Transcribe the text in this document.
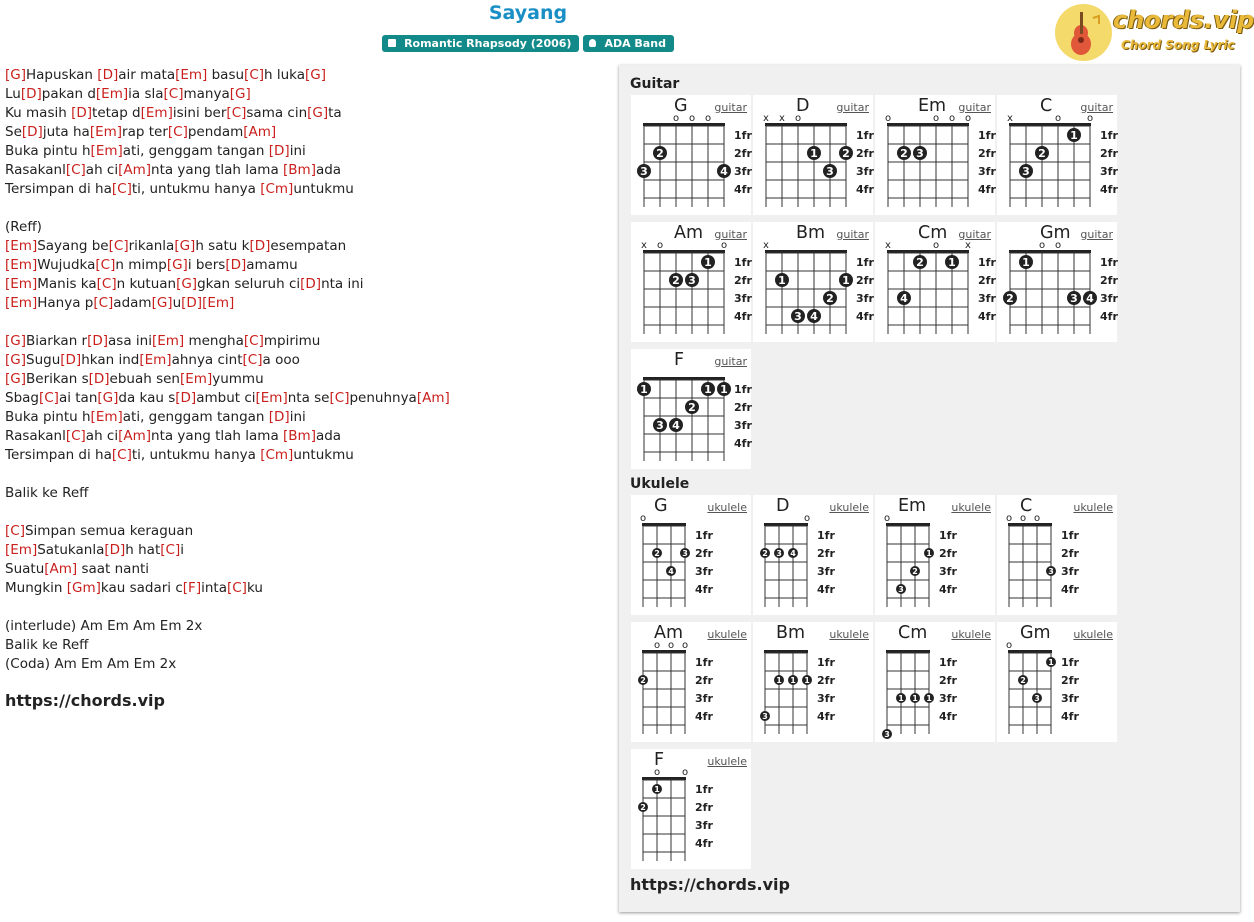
Sayang
Romantic Rhapsody (2006)	ADA Band
chords.vip
Chord Song Lyric
[G]Hapuskan [D]air mata[Em] basu[C]h luka[G]
Lu[D]pakan d[Em]ia sla[C]manya[G]
Ku masih [D]tetap d[Em]isini ber[C]sama cin[G]ta
Se[D]juta ha[Em]rap ter[C]pendam[Am]
Buka pintu h[Em]ati, genggam tangan [D]ini
Rasakanl[C]ah ci[Am]nta yang tlah lama [Bm]ada
Tersimpan di ha[C]ti, untukmu hanya [Cm]untukmu
(Reff)
[Em]Sayang be[C]rikanla[G]h satu k[D]esempatan
[Em]Wujudka[C]n mimp[G]i bers[D]amamu
[Em]Manis ka[C]n kutuan[G]gkan seluruh ci[D]nta ini
[Em]Hanya p[C]adam[G]u[D][Em]
[G]Biarkan r[D]asa ini[Em] mengha[C]mpirimu
[G]Sugu[D]hkan ind[Em]ahnya cint[C]a ooo
[G]Berikan s[D]ebuah sen[Em]yummu
Sbag[C]ai tan[G]da kau s[D]ambut ci[Em]nta se[C]penuhnya[Am]
Buka pintu h[Em]ati, genggam tangan [D]ini
Rasakanl[C]ah ci[Am]nta yang tlah lama [Bm]ada
Tersimpan di ha[C]ti, untukmu hanya [Cm]untukmu
Balik ke Reff
[C]Simpan semua keraguan
[Em]Satukanla[D]h hat[C]i
Suatu[Am] saat nanti
Mungkin [Gm]kau sadari c[F]inta[C]ku
(interlude) Am Em Am Em 2x
Balik ke Reff
(Coda) Am Em Am Em 2x
https://chords.vip
Guitar
Ukulele
https://chords.vip
G guitar
1fr
2fr
3fr
4fr
o o o
2
3	4
D guitar
1fr
2fr
3fr
4fr
x x o
1 2
3
Em guitar
1fr
2fr
3fr
4fr
o	o o o
2 3
C	guitar
1fr
2fr
3fr
4fr
x	o	o
1
2
3
Am guitar
1fr
2fr
3fr
4fr
x o	o
1
2 3
Bm guitar
1fr
2fr
3fr
4fr
x
1	1
2
3 4
Cm guitar
1fr
2fr
3fr
4fr
x	o	x
2 1
4
Gm guitar
1fr
2fr
3fr
4fr
o o
1
2	3 4
F	guitar
1fr
2fr
3fr
4fr
1	1 1
2
3 4
G	ukulele
1fr
2fr
3fr
4fr
o
2	3
4
D	ukulele
1fr
2fr
3fr
4fr
o
2 3 4
Em ukulele
1fr
2fr
3fr
4fr
o
1
2
3
C	ukulele
1fr
2fr
3fr
4fr
o o o
3
Am ukulele
1fr
2fr
3fr
4fr
o o o
2
Bm ukulele
1fr
2fr
3fr
4fr
1 1 1
3
Cm ukulele
1fr
2fr
3fr
4fr
1 1 1
3
Gm ukulele
1fr
2fr
3fr
4fr
o
1
2
3
F	ukulele
1fr
2fr
3fr
4fr
o o
1
2
